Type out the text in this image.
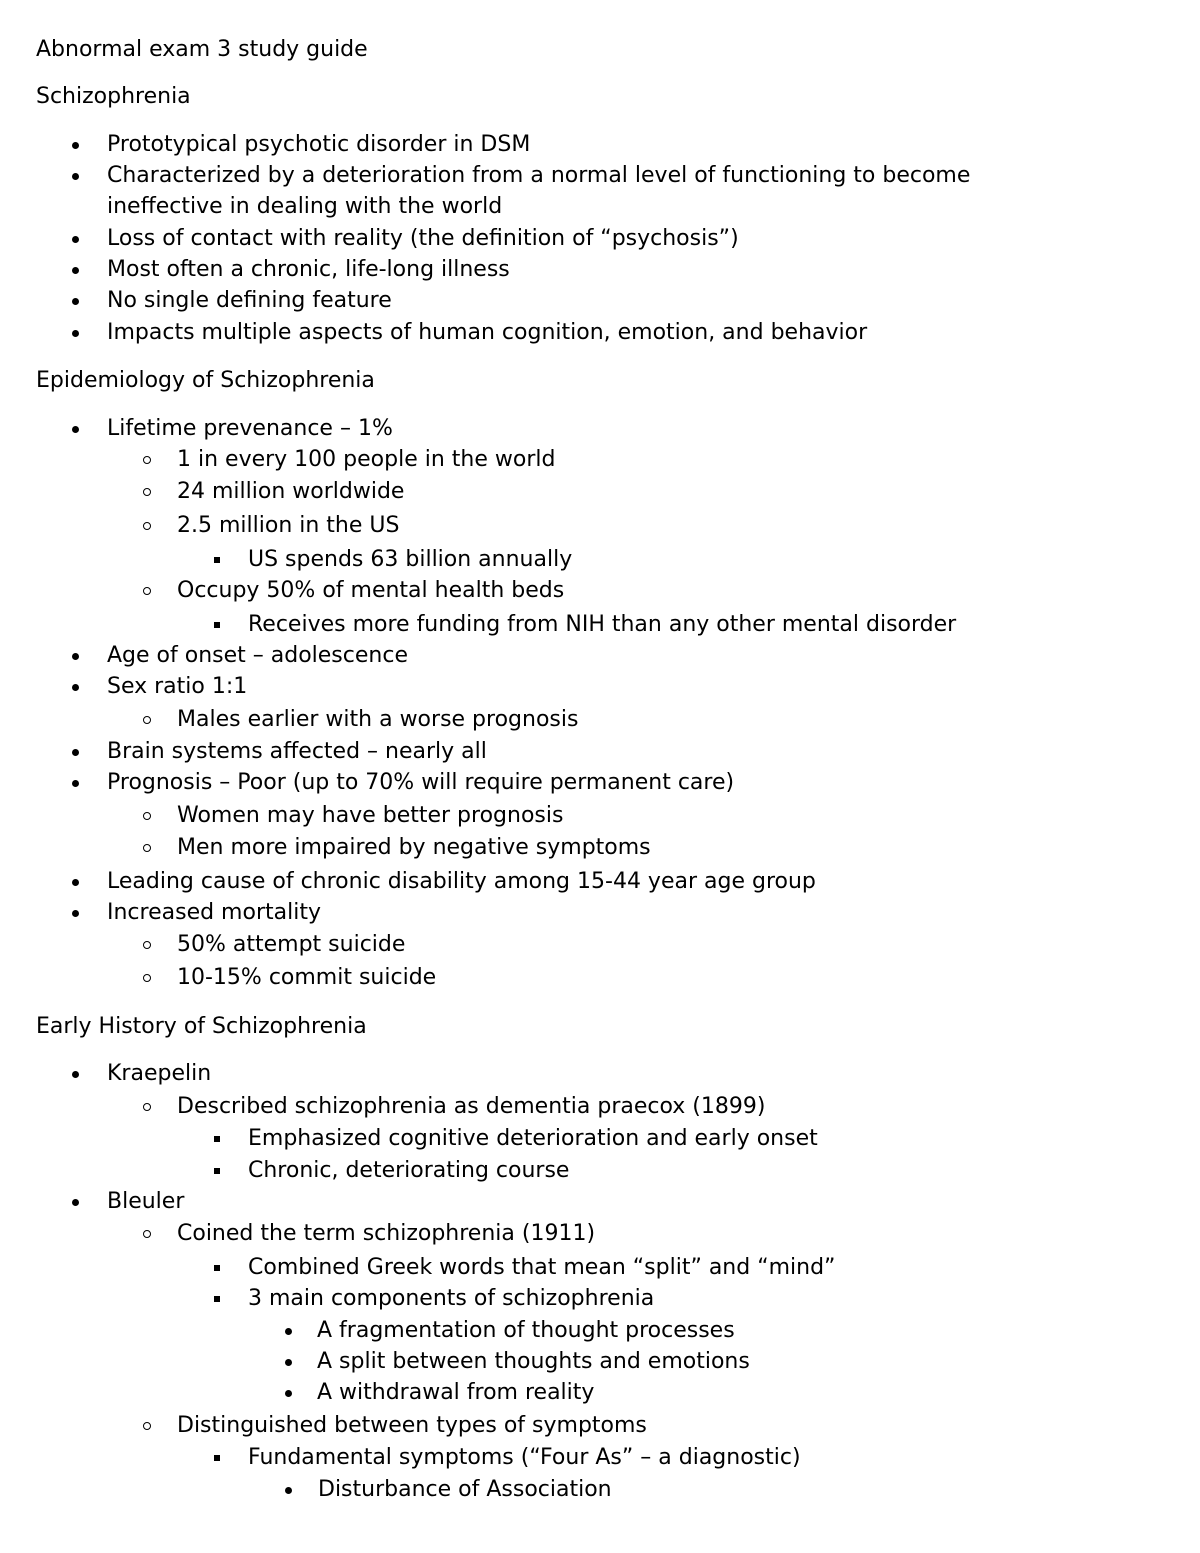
Abnormal exam 3 study guide
Schizophrenia
Prototypical psychotic disorder in DSM
Characterized by a deterioration from a normal level of functioning to become
ineffective in dealing with the world
Loss of contact with reality (the definition of “psychosis”)
Most often a chronic, life-long illness
No single defining feature
Impacts multiple aspects of human cognition, emotion, and behavior
Epidemiology of Schizophrenia
Lifetime prevenance – 1%
1 in every 100 people in the world
24 million worldwide
2.5 million in the US
US spends 63 billion annually
Occupy 50% of mental health beds
Receives more funding from NIH than any other mental disorder
Age of onset – adolescence
Sex ratio 1:1
Males earlier with a worse prognosis
Brain systems affected – nearly all
Prognosis – Poor (up to 70% will require permanent care)
Women may have better prognosis
Men more impaired by negative symptoms
Leading cause of chronic disability among 15-44 year age group
Increased mortality
50% attempt suicide
10-15% commit suicide
Early History of Schizophrenia
Kraepelin
Described schizophrenia as dementia praecox (1899)
Emphasized cognitive deterioration and early onset
Chronic, deteriorating course
Bleuler
Coined the term schizophrenia (1911)
Combined Greek words that mean “split” and “mind”
3 main components of schizophrenia
A fragmentation of thought processes
A split between thoughts and emotions
A withdrawal from reality
Distinguished between types of symptoms
Fundamental symptoms (“Four As” – a diagnostic)
Disturbance of Association
